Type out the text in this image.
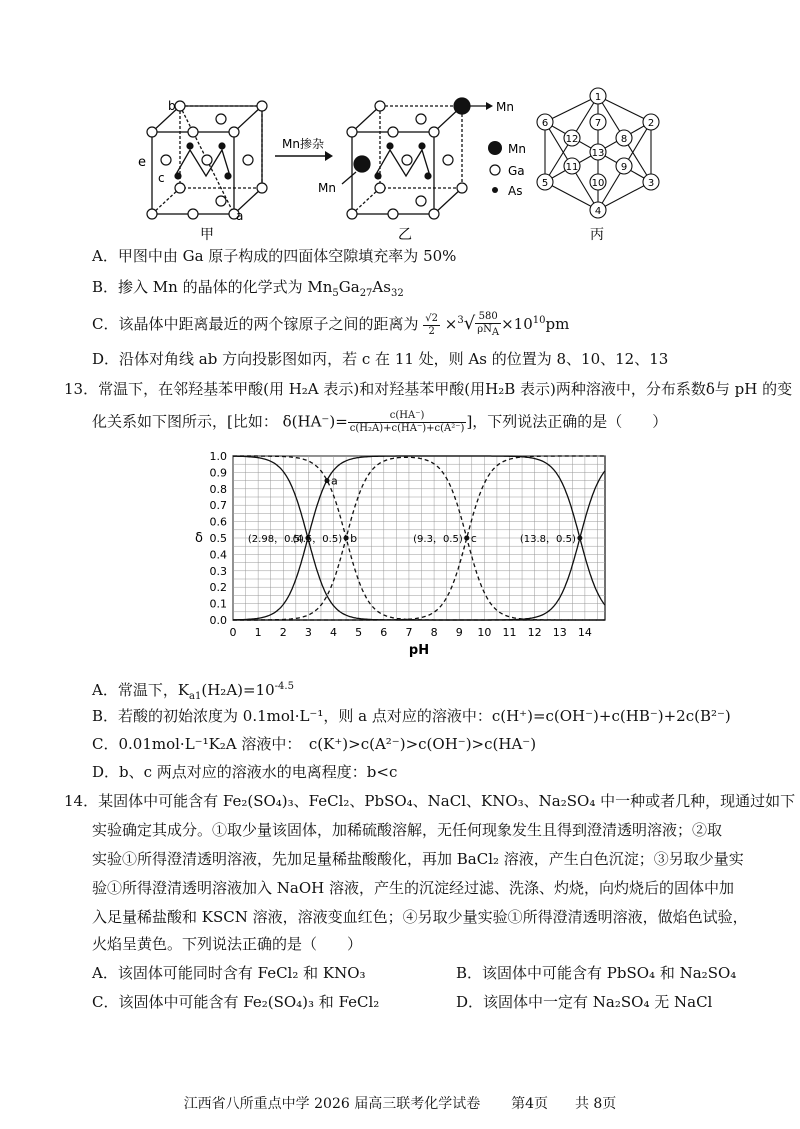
b
e
c
a
甲
Mn掺杂
Mn
Mn
乙
Mn
Ga
As
1
2
3
4
5
6	7
8
9
10
11
12
13
丙
A．甲图中由 Ga 原子构成的四面体空隙填充率为 50%
B．掺入 Mn 的晶体的化学式为 $Mn_5Ga_{27}As_{32}$
C．该晶体中距离最近的两个镓原子之间的距离为 $\frac{√2}{2} \times^3√ \frac{580}{\rho N_A} \times 10^{10}pm$
D．沿体对角线 ab 方向投影图如丙，若 c 在 11 处，则 As 的位置为 8、10、12、13
13．常温下，在邻羟基苯甲酸(用 H₂A 表示)和对羟基苯甲酸(用H₂B 表示)两种溶液中，分布系数δ与 pH 的变
化关系如下图所示，[比如： $\delta(HA^-)= \frac{c(HA^-)}{\text{c(H₂A)+c(HA⁻)+c(A²⁻)}}$ ]，下列说法正确的是（　　）
0.0
0.1
0.2
0.3
0.4
0.5
0.6
0.7
0.8
0.9
1.0
0 1 2 3 4 5 6 7 8 9 10 11 12 13 14
pH
δ	(2.98，0.5)
(4.5，0.5)	(9.3，0.5)	(13.8，0.5)
a
b	c
A．常温下，$K_{a1}(H_2A)=10^{-4.5}$
B．若酸的初始浓度为 0.1mol·L⁻¹，则 a 点对应的溶液中：c(H⁺)=c(OH⁻)+c(HB⁻)+2c(B²⁻)
C．0.01mol·L⁻¹K₂A 溶液中：　c(K⁺)>c(A²⁻)>c(OH⁻)>c(HA⁻)
D．b、c 两点对应的溶液水的电离程度：b<c
14．某固体中可能含有 Fe₂(SO₄)₃、FeCl₂、PbSO₄、NaCl、KNO₃、Na₂SO₄ 中一种或者几种，现通过如下
实验确定其成分。①取少量该固体，加稀硫酸溶解，无任何现象发生且得到澄清透明溶液；②取
实验①所得澄清透明溶液，先加足量稀盐酸酸化，再加 BaCl₂ 溶液，产生白色沉淀；③另取少量实
验①所得澄清透明溶液加入 NaOH 溶液，产生的沉淀经过滤、洗涤、灼烧，向灼烧后的固体中加
入足量稀盐酸和 KSCN 溶液，溶液变血红色；④另取少量实验①所得澄清透明溶液，做焰色试验，
火焰呈黄色。下列说法正确的是（　　）
A．该固体可能同时含有 FeCl₂ 和 KNO₃	B．该固体中可能含有 PbSO₄ 和 Na₂SO₄
C．该固体中可能含有 Fe₂(SO₄)₃ 和 FeCl₂	D．该固体中一定有 Na₂SO₄ 无 NaCl
江西省八所重点中学 2026 届高三联考化学试卷 第4页 共 8页
